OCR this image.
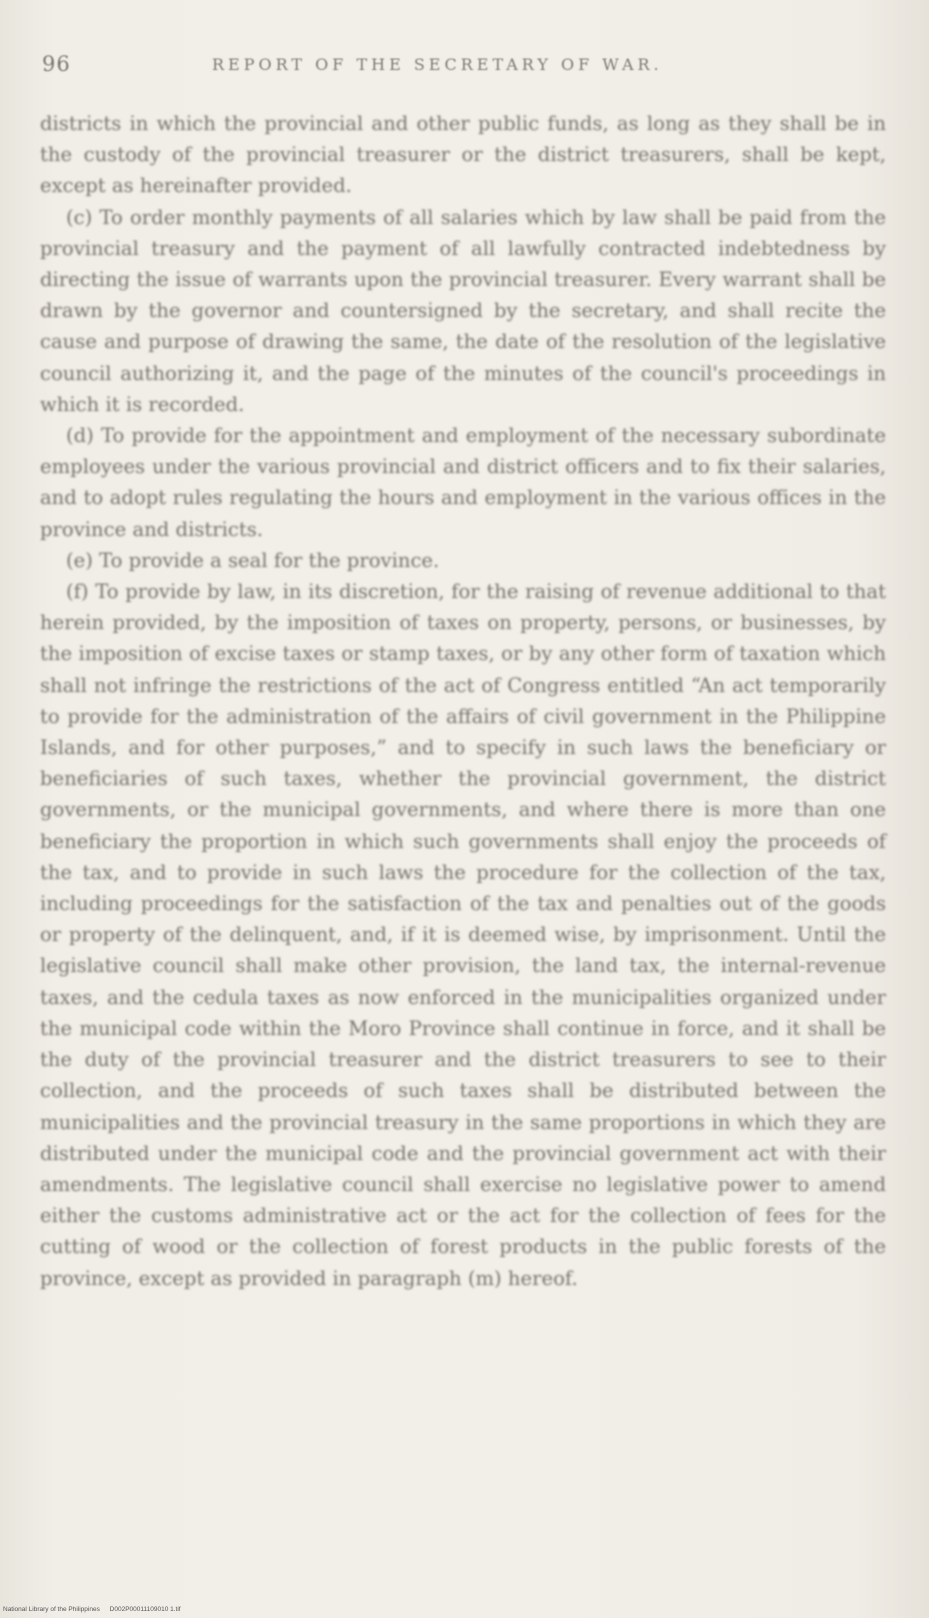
96	REPORT OF THE SECRETARY OF WAR.

districts in which the provincial and other public funds, as long as they shall be in the custody of the provincial treasurer or the district treasurers, shall be kept, except as hereinafter provided.

(c) To order monthly payments of all salaries which by law shall be paid from the provincial treasury and the payment of all lawfully contracted indebtedness by directing the issue of warrants upon the provincial treasurer. Every warrant shall be drawn by the governor and countersigned by the secretary, and shall recite the cause and purpose of drawing the same, the date of the resolution of the legislative council authorizing it, and the page of the minutes of the council's proceedings in which it is recorded.

(d) To provide for the appointment and employment of the necessary subordinate employees under the various provincial and district officers and to fix their salaries, and to adopt rules regulating the hours and employment in the various offices in the province and districts.

(e) To provide a seal for the province.

(f) To provide by law, in its discretion, for the raising of revenue additional to that herein provided, by the imposition of taxes on property, persons, or businesses, by the imposition of excise taxes or stamp taxes, or by any other form of taxation which shall not infringe the restrictions of the act of Congress entitled “An act temporarily to provide for the administration of the affairs of civil government in the Philippine Islands, and for other purposes,” and to specify in such laws the beneficiary or beneficiaries of such taxes, whether the provincial government, the district governments, or the municipal governments, and where there is more than one beneficiary the proportion in which such governments shall enjoy the proceeds of the tax, and to provide in such laws the procedure for the collection of the tax, including proceedings for the satisfaction of the tax and penalties out of the goods or property of the delinquent, and, if it is deemed wise, by imprisonment. Until the legislative council shall make other provision, the land tax, the internal-revenue taxes, and the cedula taxes as now enforced in the municipalities organized under the municipal code within the Moro Province shall continue in force, and it shall be the duty of the provincial treasurer and the district treasurers to see to their collection, and the proceeds of such taxes shall be distributed between the municipalities and the provincial treasury in the same proportions in which they are distributed under the municipal code and the provincial government act with their amendments. The legislative council shall exercise no legislative power to amend either the customs administrative act or the act for the collection of fees for the cutting of wood or the collection of forest products in the public forests of the province, except as provided in paragraph (m) hereof.

National Library of the Philippines D002P00011109010 1.tif
